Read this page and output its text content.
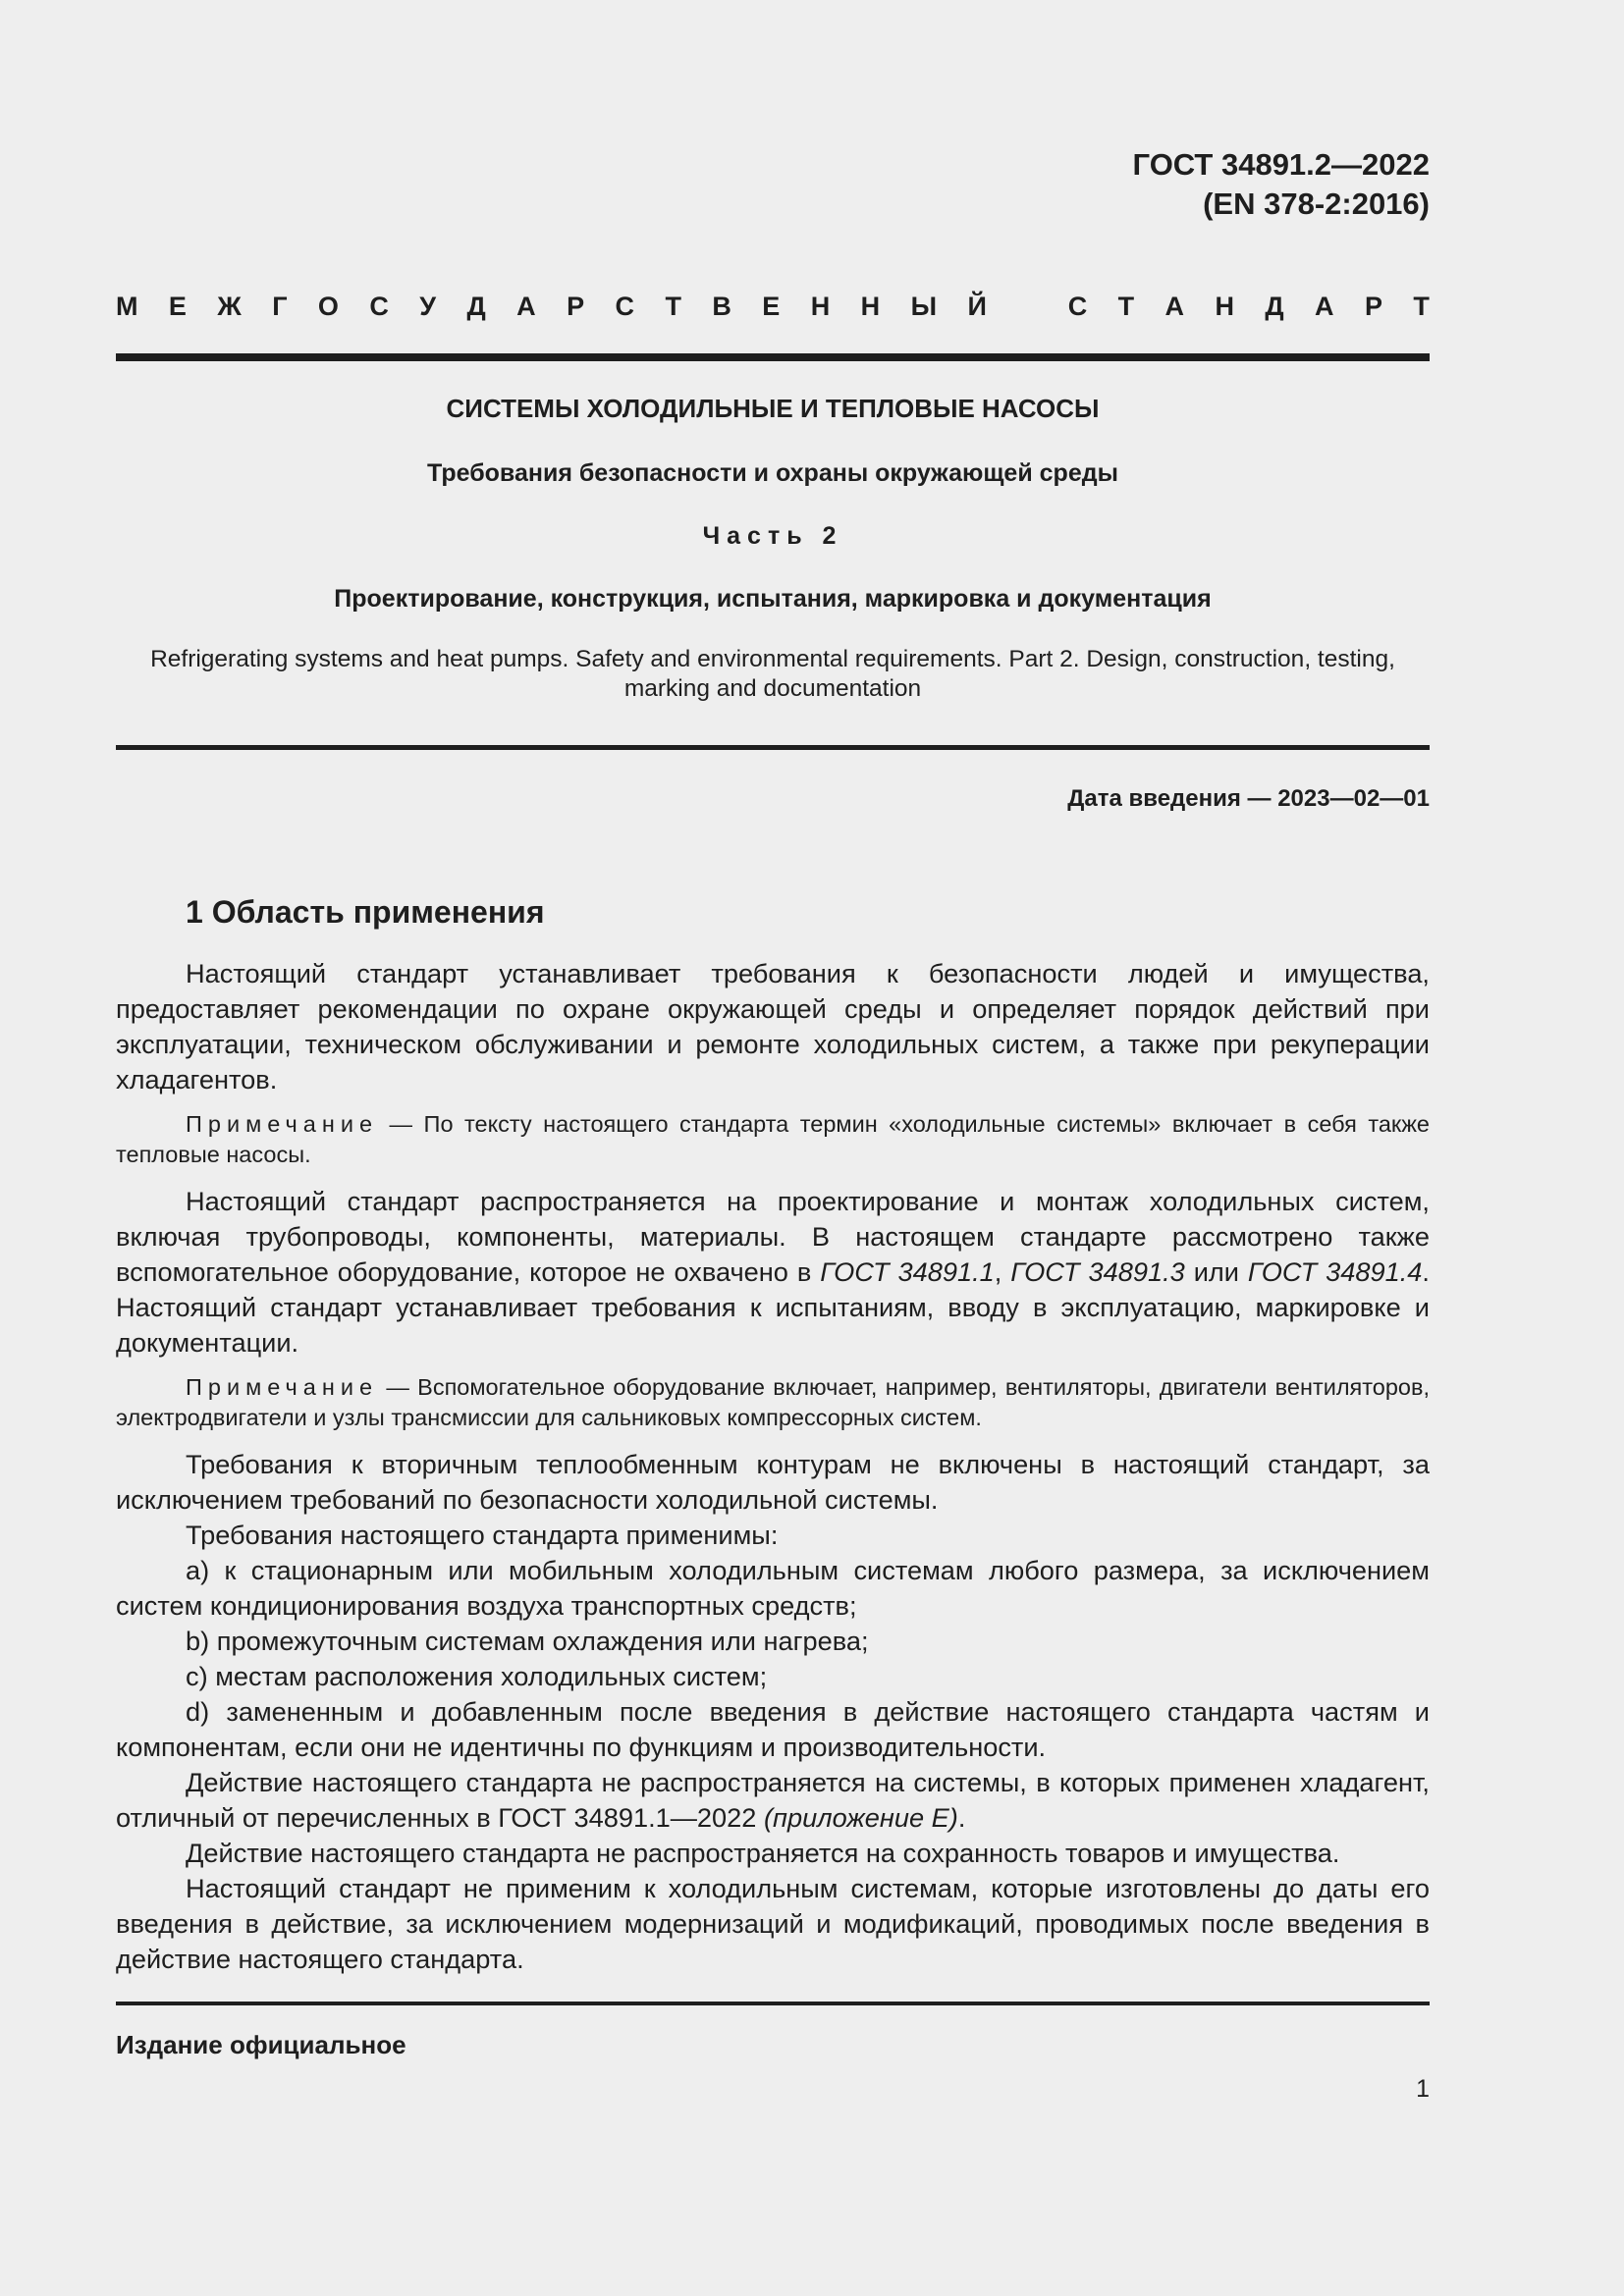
ГОСТ 34891.2—2022
(EN 378-2:2016)
М Е Ж Г О С У Д А Р С Т В Е Н Н Ы Й	С Т А Н Д А Р Т
СИСТЕМЫ ХОЛОДИЛЬНЫЕ И ТЕПЛОВЫЕ НАСОСЫ
Требования безопасности и охраны окружающей среды
Часть 2
Проектирование, конструкция, испытания, маркировка и документация
Refrigerating systems and heat pumps. Safety and environmental requirements. Part 2. Design, construction, testing, marking and documentation
Дата введения — 2023—02—01
1 Область применения

Настоящий стандарт устанавливает требования к безопасности людей и имущества, предоставляет рекомендации по охране окружающей среды и определяет порядок действий при эксплуатации, техническом обслуживании и ремонте холодильных систем, а также при рекуперации хладагентов.

Примечание — По тексту настоящего стандарта термин «холодильные системы» включает в себя также тепловые насосы.

Настоящий стандарт распространяется на проектирование и монтаж холодильных систем, включая трубопроводы, компоненты, материалы. В настоящем стандарте рассмотрено также вспомогательное оборудование, которое не охвачено в ГОСТ 34891.1, ГОСТ 34891.3 или ГОСТ 34891.4. Настоящий стандарт устанавливает требования к испытаниям, вводу в эксплуатацию, маркировке и документации.

Примечание — Вспомогательное оборудование включает, например, вентиляторы, двигатели вентиляторов, электродвигатели и узлы трансмиссии для сальниковых компрессорных систем.

Требования к вторичным теплообменным контурам не включены в настоящий стандарт, за исключением требований по безопасности холодильной системы.

Требования настоящего стандарта применимы:

а) к стационарным или мобильным холодильным системам любого размера, за исключением систем кондиционирования воздуха транспортных средств;

b) промежуточным системам охлаждения или нагрева;

с) местам расположения холодильных систем;

d) замененным и добавленным после введения в действие настоящего стандарта частям и компонентам, если они не идентичны по функциям и производительности.

Действие настоящего стандарта не распространяется на системы, в которых применен хладагент, отличный от перечисленных в ГОСТ 34891.1—2022 (приложение Е).

Действие настоящего стандарта не распространяется на сохранность товаров и имущества.

Настоящий стандарт не применим к холодильным системам, которые изготовлены до даты его введения в действие, за исключением модернизаций и модификаций, проводимых после введения в действие настоящего стандарта.

Издание официальное
1
